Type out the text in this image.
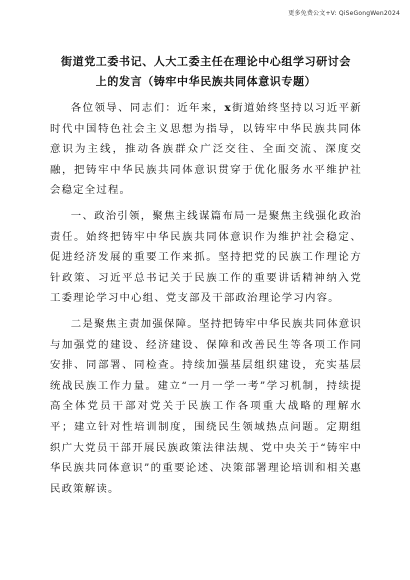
更多免费公文+V: QiSeGongWen2024
街道党工委书记、人大工委主任在理论中心组学习研讨会
上的发言（铸牢中华民族共同体意识专题）

各位领导、同志们：近年来，x街道始终坚持以习近平新时代中国特色社会主义思想为指导，以铸牢中华民族共同体意识为主线，推动各族群众广泛交往、全面交流、深度交融，把铸牢中华民族共同体意识贯穿于优化服务水平维护社会稳定全过程。

一、政治引领，聚焦主线谋篇布局一是聚焦主线强化政治责任。始终把铸牢中华民族共同体意识作为维护社会稳定、促进经济发展的重要工作来抓。坚持把党的民族工作理论方针政策、习近平总书记关于民族工作的重要讲话精神纳入党工委理论学习中心组、党支部及干部政治理论学习内容。

二是聚焦主责加强保障。坚持把铸牢中华民族共同体意识与加强党的建设、经济建设、保障和改善民生等各项工作同安排、同部署、同检查。持续加强基层组织建设，充实基层统战民族工作力量。建立“一月一学一考”学习机制，持续提高全体党员干部对党关于民族工作各项重大战略的理解水平；建立针对性培训制度，围绕民生领域热点问题。定期组织广大党员干部开展民族政策法律法规、党中央关于“铸牢中华民族共同体意识”的重要论述、决策部署理论培训和相关惠民政策解读。
